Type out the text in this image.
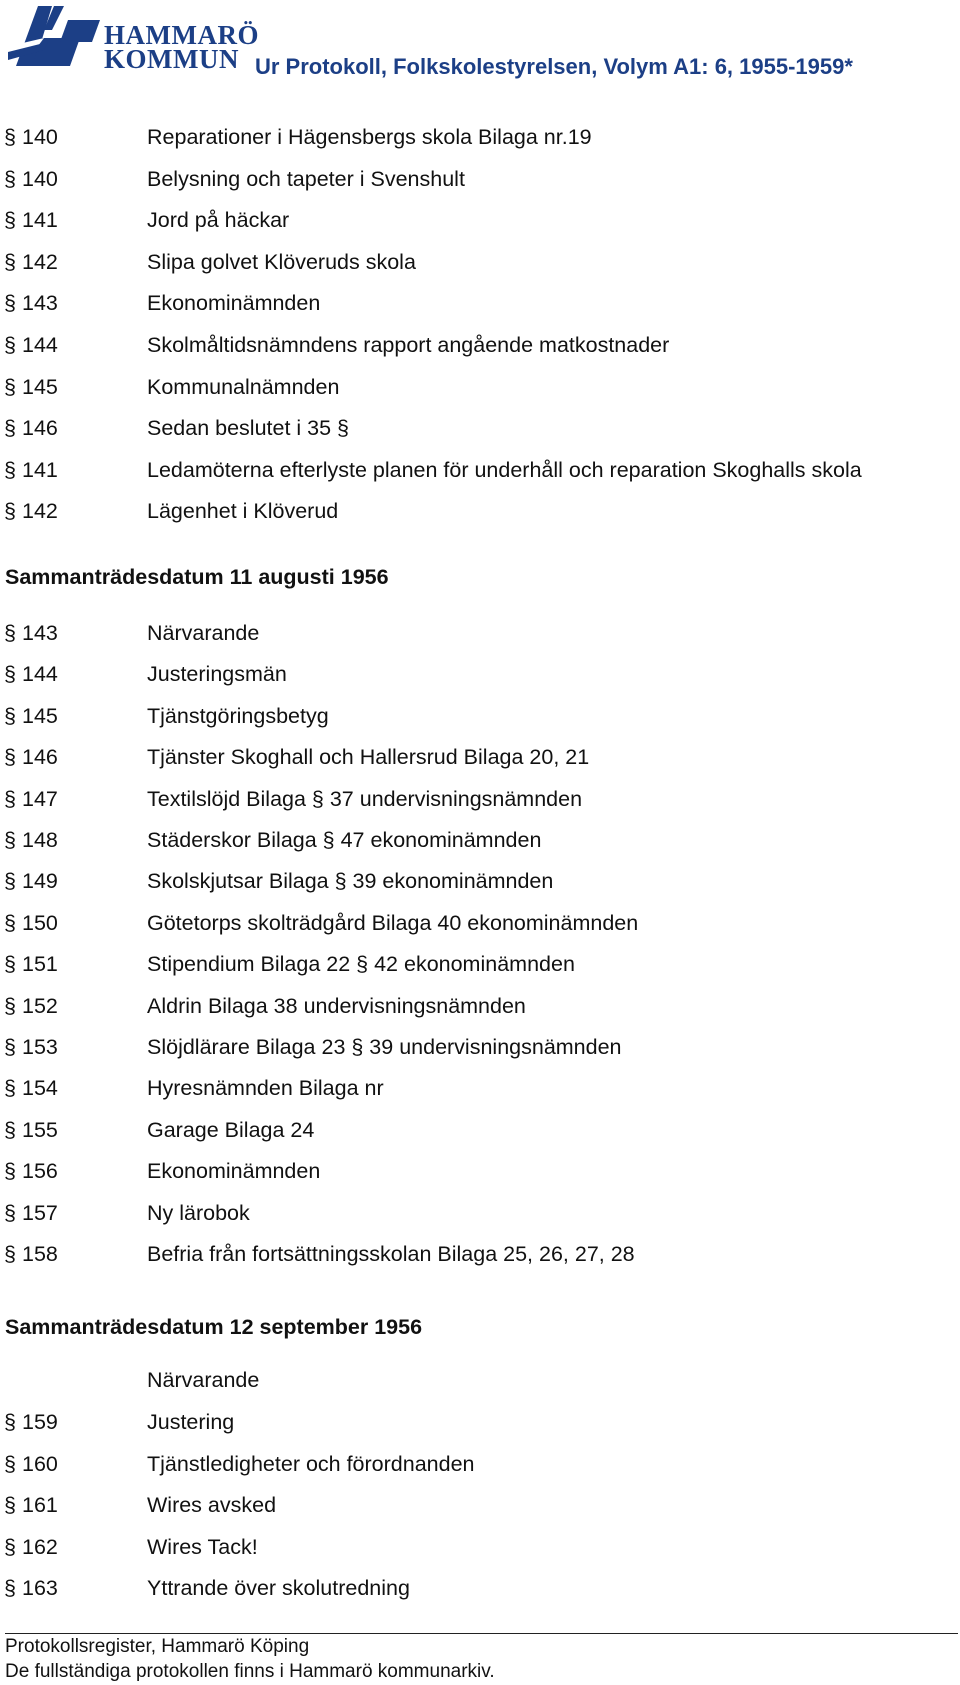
HAMMARÖ
KOMMUN Ur Protokoll, Folkskolestyrelsen, Volym A1: 6, 1955-1959*
§ 140	Reparationer i Hägensbergs skola Bilaga nr.19
§ 140	Belysning och tapeter i Svenshult
§ 141	Jord på häckar
§ 142	Slipa golvet Klöveruds skola
§ 143	Ekonominämnden
§ 144	Skolmåltidsnämndens rapport angående matkostnader
§ 145	Kommunalnämnden
§ 146	Sedan beslutet i 35 §
§ 141	Ledamöterna efterlyste planen för underhåll och reparation Skoghalls skola
§ 142	Lägenhet i Klöverud
Sammanträdesdatum 11 augusti 1956
§ 143	Närvarande
§ 144	Justeringsmän
§ 145	Tjänstgöringsbetyg
§ 146	Tjänster Skoghall och Hallersrud Bilaga 20, 21
§ 147	Textilslöjd Bilaga § 37 undervisningsnämnden
§ 148	Städerskor Bilaga § 47 ekonominämnden
§ 149	Skolskjutsar Bilaga § 39 ekonominämnden
§ 150	Götetorps skolträdgård Bilaga 40 ekonominämnden
§ 151	Stipendium Bilaga 22 § 42 ekonominämnden
§ 152	Aldrin Bilaga 38 undervisningsnämnden
§ 153	Slöjdlärare Bilaga 23 § 39 undervisningsnämnden
§ 154	Hyresnämnden Bilaga nr
§ 155	Garage Bilaga 24
§ 156	Ekonominämnden
§ 157	Ny lärobok
§ 158	Befria från fortsättningsskolan Bilaga 25, 26, 27, 28
Sammanträdesdatum 12 september 1956
Närvarande
§ 159	Justering
§ 160	Tjänstledigheter och förordnanden
§ 161	Wires avsked
§ 162	Wires Tack!
§ 163	Yttrande över skolutredning
Protokollsregister, Hammarö Köping
De fullständiga protokollen finns i Hammarö kommunarkiv.
